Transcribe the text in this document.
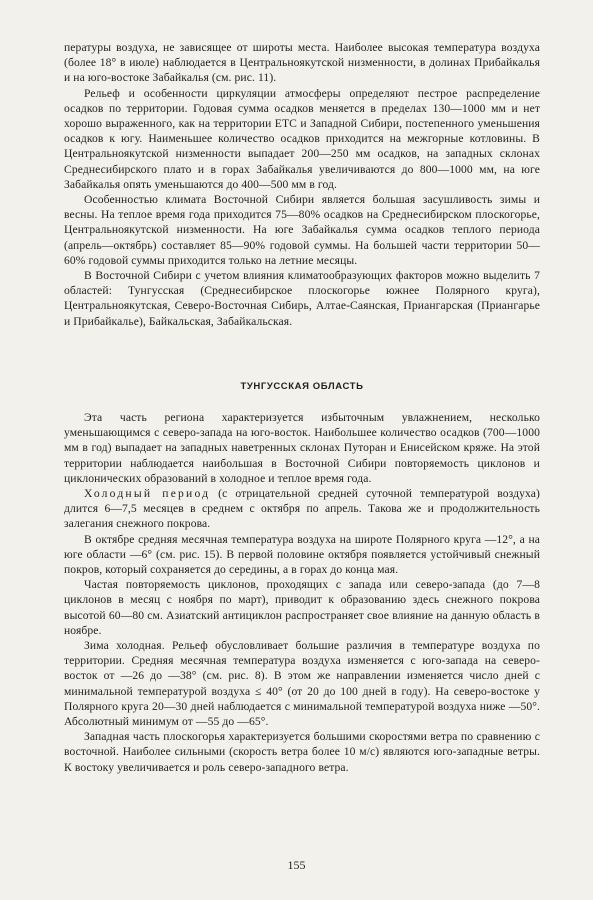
пературы воздуха, не зависящее от широты места. Наиболее высокая температура воздуха (более 18° в июле) наблюдается в Центральноякутской низменности, в долинах Прибайкалья и на юго-востоке Забайкалья (см. рис. 11).

Рельеф и особенности циркуляции атмосферы определяют пестрое распределение осадков по территории. Годовая сумма осадков меняется в пределах 130—1000 мм и нет хорошо выраженного, как на территории ЕТС и Западной Сибири, постепенного уменьшения осадков к югу. Наименьшее количество осадков приходится на межгорные котловины. В Центральноякутской низменности выпадает 200—250 мм осадков, на западных склонах Среднесибирского плато и в горах Забайкалья увеличиваются до 800—1000 мм, на юге Забайкалья опять уменьшаются до 400—500 мм в год.

Особенностью климата Восточной Сибири является большая засушливость зимы и весны. На теплое время года приходится 75—80% осадков на Среднесибирском плоскогорье, Центральноякутской низменности. На юге Забайкалья сумма осадков теплого периода (апрель—октябрь) составляет 85—90% годовой суммы. На большей части территории 50—60% годовой суммы приходится только на летние месяцы.

В Восточной Сибири с учетом влияния климатообразующих факторов можно выделить 7 областей: Тунгусская (Среднесибирское плоскогорье южнее Полярного круга), Центральноякутская, Северо-Восточная Сибирь, Алтае-Саянская, Приангарская (Приангарье и Прибайкалье), Байкальская, Забайкальская.

ТУНГУССКАЯ ОБЛАСТЬ

Эта часть региона характеризуется избыточным увлажнением, несколько уменьшающимся с северо-запада на юго-восток. Наибольшее количество осадков (700—1000 мм в год) выпадает на западных наветренных склонах Путоран и Енисейском кряже. На этой территории наблюдается наибольшая в Восточной Сибири повторяемость циклонов и циклонических образований в холодное и теплое время года.

Холодный период (с отрицательной средней суточной температурой воздуха) длится 6—7,5 месяцев в среднем с октября по апрель. Такова же и продолжительность залегания снежного покрова.

В октябре средняя месячная температура воздуха на широте Полярного круга —12°, а на юге области —6° (см. рис. 15). В первой половине октября появляется устойчивый снежный покров, который сохраняется до середины, а в горах до конца мая.

Частая повторяемость циклонов, проходящих с запада или северо-запада (до 7—8 циклонов в месяц с ноября по март), приводит к образованию здесь снежного покрова высотой 60—80 см. Азиатский антициклон распространяет свое влияние на данную область в ноябре.

Зима холодная. Рельеф обусловливает большие различия в температуре воздуха по территории. Средняя месячная температура воздуха изменяется с юго-запада на северо-восток от —26 до —38° (см. рис. 8). В этом же направлении изменяется число дней с минимальной температурой воздуха ≤ 40° (от 20 до 100 дней в году). На северо-востоке у Полярного круга 20—30 дней наблюдается с минимальной температурой воздуха ниже —50°. Абсолютный минимум от —55 до —65°.

Западная часть плоскогорья характеризуется большими скоростями ветра по сравнению с восточной. Наиболее сильными (скорость ветра более 10 м/с) являются юго-западные ветры. К востоку увеличивается и роль северо-западного ветра.

155
